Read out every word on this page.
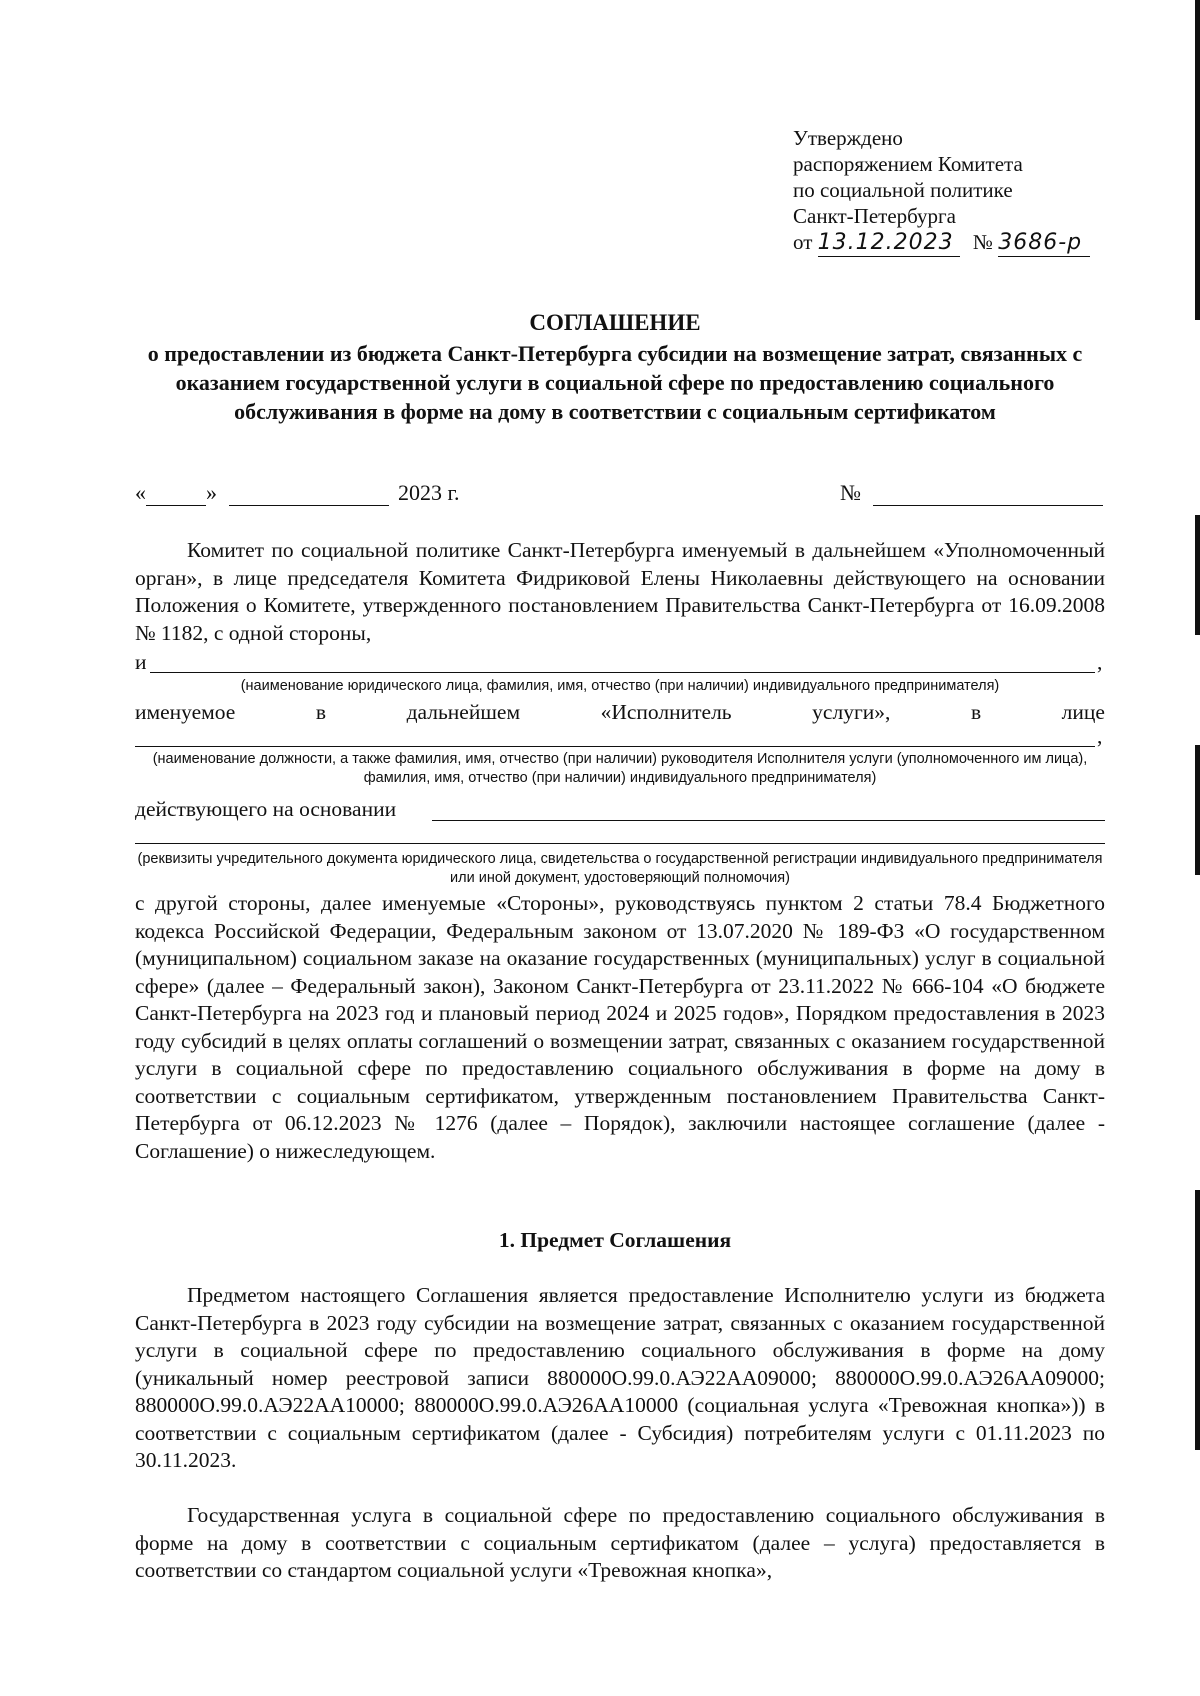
Утверждено
распоряжением Комитета
по социальной политике
Санкт-Петербурга
от 13.12.2023 № 3686-р
СОГЛАШЕНИЕ
о предоставлении из бюджета Санкт-Петербурга субсидии на возмещение затрат, связанных с оказанием государственной услуги в социальной сфере по предоставлению социального обслуживания в форме на дому в соответствии с социальным сертификатом
«	»	2023 г.	№

Комитет по социальной политике Санкт-Петербурга именуемый в дальнейшем «Уполномоченный орган», в лице председателя Комитета Фидриковой Елены Николаевны действующего на основании Положения о Комитете, утвержденного постановлением Правительства Санкт-Петербурга от 16.09.2008 № 1182, с одной стороны,

и	,
(наименование юридического лица, фамилия, имя, отчество (при наличии) индивидуального предпринимателя)
именуемое	в	дальнейшем	«Исполнитель	услуги»,	в	лице
,
(наименование должности, а также фамилия, имя, отчество (при наличии) руководителя Исполнителя услуги (уполномоченного им лица), фамилия, имя, отчество (при наличии) индивидуального предпринимателя)
действующего на основании
(реквизиты учредительного документа юридического лица, свидетельства о государственной регистрации индивидуального предпринимателя или иной документ, удостоверяющий полномочия)

с другой стороны, далее именуемые «Стороны», руководствуясь пунктом 2 статьи 78.4 Бюджетного кодекса Российской Федерации, Федеральным законом от 13.07.2020 № 189-ФЗ «О государственном (муниципальном) социальном заказе на оказание государственных (муниципальных) услуг в социальной сфере» (далее – Федеральный закон), Законом Санкт-Петербурга от 23.11.2022 № 666-104 «О бюджете Санкт-Петербурга на 2023 год и плановый период 2024 и 2025 годов», Порядком предоставления в 2023 году субсидий в целях оплаты соглашений о возмещении затрат, связанных с оказанием государственной услуги в социальной сфере по предоставлению социального обслуживания в форме на дому в соответствии с социальным сертификатом, утвержденным постановлением Правительства Санкт-Петербурга от 06.12.2023 № 1276 (далее – Порядок), заключили настоящее соглашение (далее - Соглашение) о нижеследующем.

1. Предмет Соглашения

Предметом настоящего Соглашения является предоставление Исполнителю услуги из бюджета Санкт-Петербурга в 2023 году субсидии на возмещение затрат, связанных с оказанием государственной услуги в социальной сфере по предоставлению социального обслуживания в форме на дому (уникальный номер реестровой записи 880000О.99.0.АЭ22АА09000; 880000О.99.0.АЭ26АА09000; 880000О.99.0.АЭ22АА10000; 880000О.99.0.АЭ26АА10000 (социальная услуга «Тревожная кнопка»)) в соответствии с социальным сертификатом (далее - Субсидия) потребителям услуги с 01.11.2023 по 30.11.2023.

Государственная услуга в социальной сфере по предоставлению социального обслуживания в форме на дому в соответствии с социальным сертификатом (далее – услуга) предоставляется в соответствии со стандартом социальной услуги «Тревожная кнопка»,
